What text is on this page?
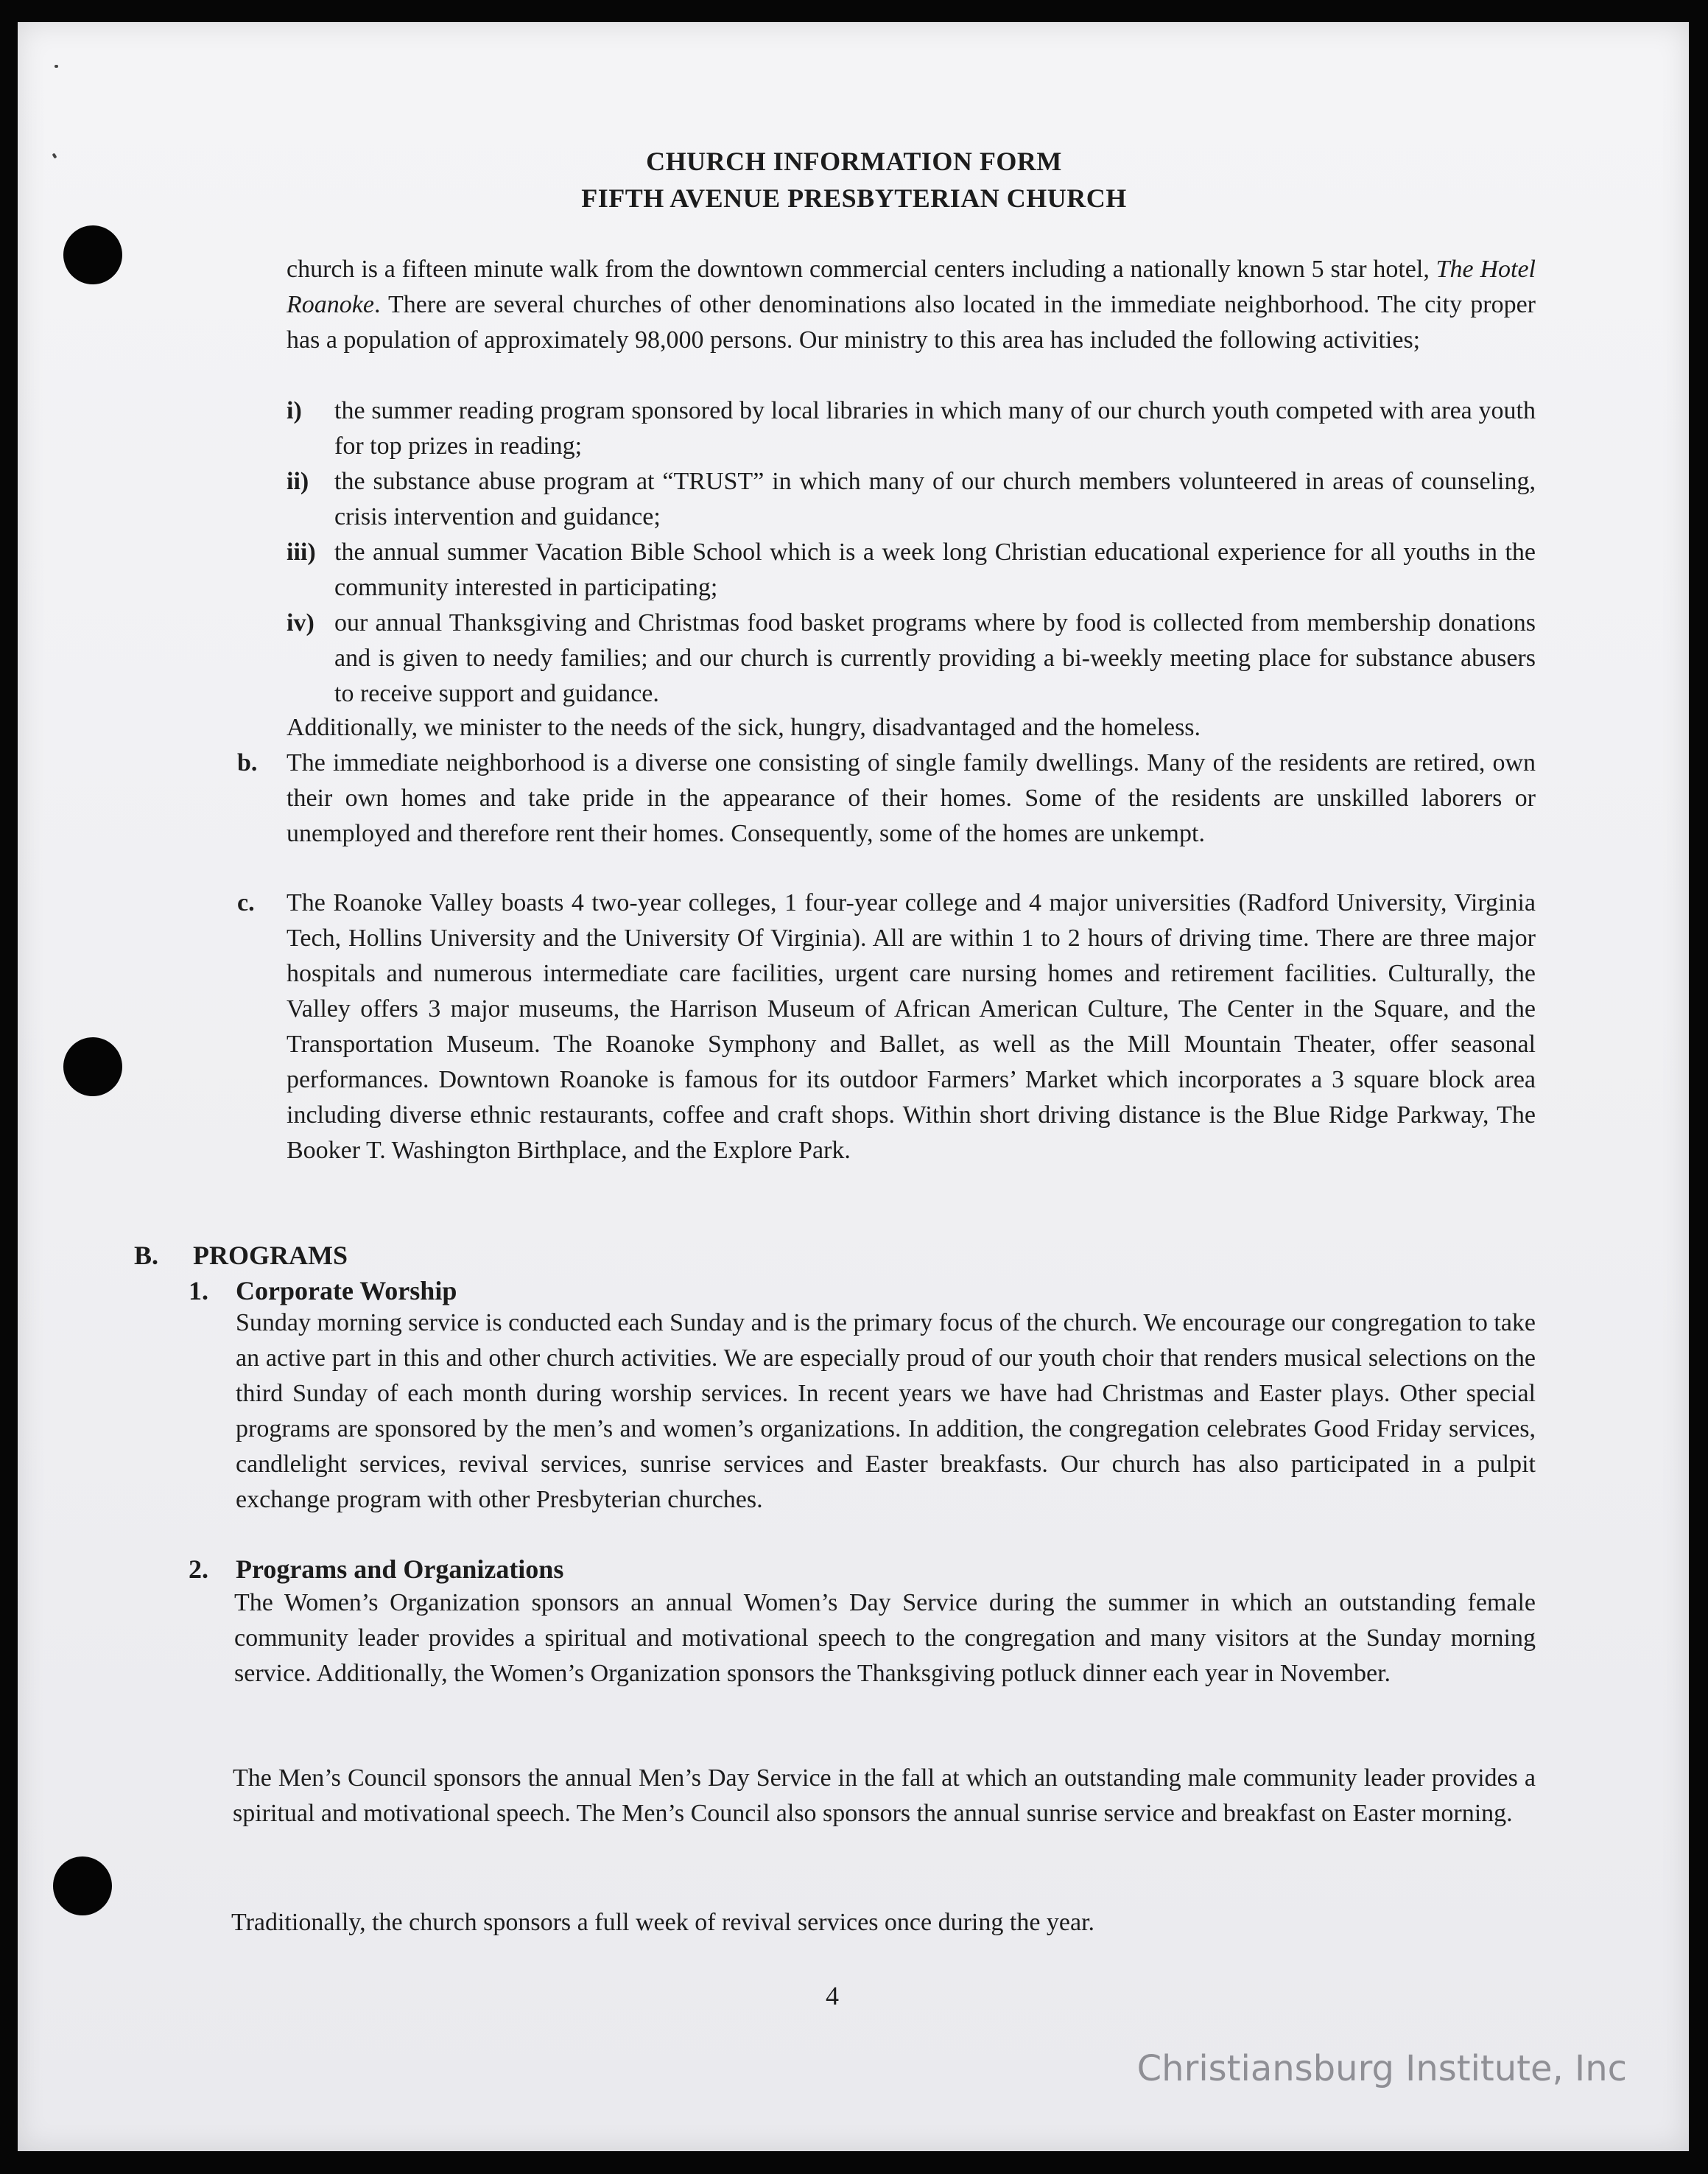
CHURCH INFORMATION FORM
FIFTH AVENUE PRESBYTERIAN CHURCH

church is a fifteen minute walk from the downtown commercial centers including a nationally known 5 star hotel, The Hotel Roanoke. There are several churches of other denominations also located in the immediate neighborhood. The city proper has a population of approximately 98,000 persons. Our ministry to this area has included the following activities;

i) the summer reading program sponsored by local libraries in which many of our church youth competed with area youth for top prizes in reading;

ii) the substance abuse program at “TRUST” in which many of our church members volunteered in areas of counseling, crisis intervention and guidance;

iii) the annual summer Vacation Bible School which is a week long Christian educational experience for all youths in the community interested in participating;

iv) our annual Thanksgiving and Christmas food basket programs where by food is collected from membership donations and is given to needy families; and our church is currently providing a bi-weekly meeting place for substance abusers to receive support and guidance.

Additionally, we minister to the needs of the sick, hungry, disadvantaged and the homeless.

b. The immediate neighborhood is a diverse one consisting of single family dwellings. Many of the residents are retired, own their own homes and take pride in the appearance of their homes. Some of the residents are unskilled laborers or unemployed and therefore rent their homes. Consequently, some of the homes are unkempt.

c. The Roanoke Valley boasts 4 two-year colleges, 1 four-year college and 4 major universities (Radford University, Virginia Tech, Hollins University and the University Of Virginia). All are within 1 to 2 hours of driving time. There are three major hospitals and numerous intermediate care facilities, urgent care nursing homes and retirement facilities. Culturally, the Valley offers 3 major museums, the Harrison Museum of African American Culture, The Center in the Square, and the Transportation Museum. The Roanoke Symphony and Ballet, as well as the Mill Mountain Theater, offer seasonal performances. Downtown Roanoke is famous for its outdoor Farmers’ Market which incorporates a 3 square block area including diverse ethnic restaurants, coffee and craft shops. Within short driving distance is the Blue Ridge Parkway, The Booker T. Washington Birthplace, and the Explore Park.

B. PROGRAMS
1. Corporate Worship

Sunday morning service is conducted each Sunday and is the primary focus of the church. We encourage our congregation to take an active part in this and other church activities. We are especially proud of our youth choir that renders musical selections on the third Sunday of each month during worship services. In recent years we have had Christmas and Easter plays. Other special programs are sponsored by the men’s and women’s organizations. In addition, the congregation celebrates Good Friday services, candlelight services, revival services, sunrise services and Easter breakfasts. Our church has also participated in a pulpit exchange program with other Presbyterian churches.

2. Programs and Organizations

The Women’s Organization sponsors an annual Women’s Day Service during the summer in which an outstanding female community leader provides a spiritual and motivational speech to the congregation and many visitors at the Sunday morning service. Additionally, the Women’s Organization sponsors the Thanksgiving potluck dinner each year in November.

The Men’s Council sponsors the annual Men’s Day Service in the fall at which an outstanding male community leader provides a spiritual and motivational speech. The Men’s Council also sponsors the annual sunrise service and breakfast on Easter morning.

Traditionally, the church sponsors a full week of revival services once during the year.

4
Christiansburg Institute, Inc
